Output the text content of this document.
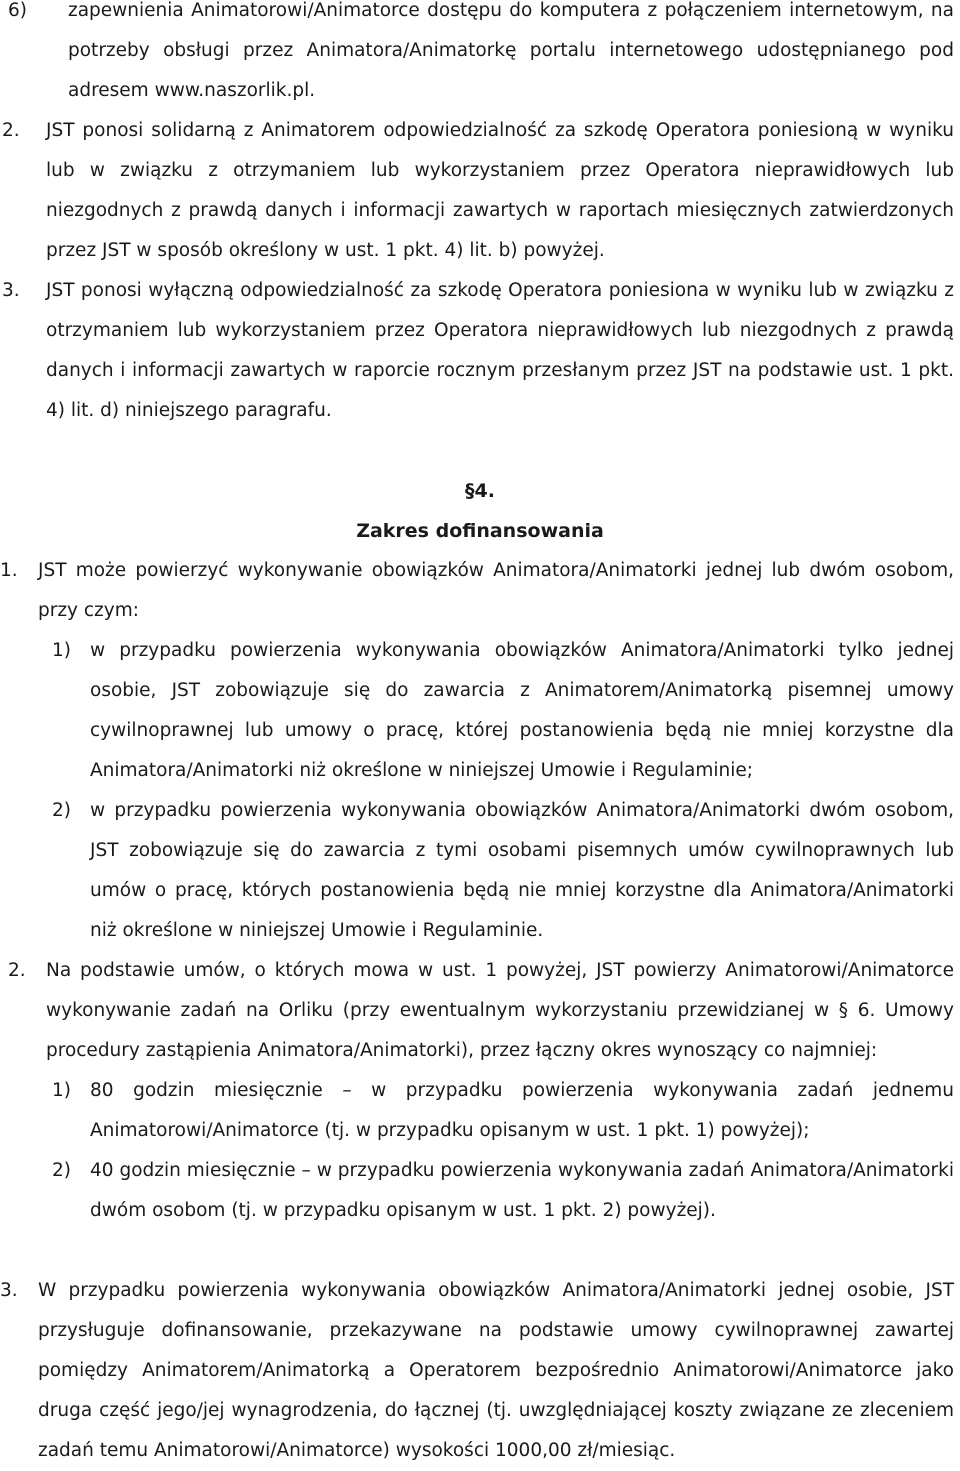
6) zapewnienia Animatorowi/Animatorce dostępu do komputera z połączeniem internetowym, na potrzeby obsługi przez Animatora/Animatorkę portalu internetowego udostępnianego pod adresem www.naszorlik.pl.

2. JST ponosi solidarną z Animatorem odpowiedzialność za szkodę Operatora poniesioną w wyniku lub w związku z otrzymaniem lub wykorzystaniem przez Operatora nieprawidłowych lub niezgodnych z prawdą danych i informacji zawartych w raportach miesięcznych zatwierdzonych przez JST w sposób określony w ust. 1 pkt. 4) lit. b) powyżej.

3. JST ponosi wyłączną odpowiedzialność za szkodę Operatora poniesiona w wyniku lub w związku z otrzymaniem lub wykorzystaniem przez Operatora nieprawidłowych lub niezgodnych z prawdą danych i informacji zawartych w raporcie rocznym przesłanym przez JST na podstawie ust. 1 pkt. 4) lit. d) niniejszego paragrafu.

§4.
Zakres dofinansowania
1. JST może powierzyć wykonywanie obowiązków Animatora/Animatorki jednej lub dwóm osobom, przy czym:

1) w przypadku powierzenia wykonywania obowiązków Animatora/Animatorki tylko jednej osobie, JST zobowiązuje się do zawarcia z Animatorem/Animatorką pisemnej umowy cywilnoprawnej lub umowy o pracę, której postanowienia będą nie mniej korzystne dla Animatora/Animatorki niż określone w niniejszej Umowie i Regulaminie;

2) w przypadku powierzenia wykonywania obowiązków Animatora/Animatorki dwóm osobom, JST zobowiązuje się do zawarcia z tymi osobami pisemnych umów cywilnoprawnych lub umów o pracę, których postanowienia będą nie mniej korzystne dla Animatora/Animatorki niż określone w niniejszej Umowie i Regulaminie.

2. Na podstawie umów, o których mowa w ust. 1 powyżej, JST powierzy Animatorowi/Animatorce wykonywanie zadań na Orliku (przy ewentualnym wykorzystaniu przewidzianej w § 6. Umowy procedury zastąpienia Animatora/Animatorki), przez łączny okres wynoszący co najmniej:

1) 80 godzin miesięcznie – w przypadku powierzenia wykonywania zadań jednemu Animatorowi/Animatorce (tj. w przypadku opisanym w ust. 1 pkt. 1) powyżej);

2) 40 godzin miesięcznie – w przypadku powierzenia wykonywania zadań Animatora/Animatorki dwóm osobom (tj. w przypadku opisanym w ust. 1 pkt. 2) powyżej).

3. W przypadku powierzenia wykonywania obowiązków Animatora/Animatorki jednej osobie, JST przysługuje dofinansowanie, przekazywane na podstawie umowy cywilnoprawnej zawartej pomiędzy Animatorem/Animatorką a Operatorem bezpośrednio Animatorowi/Animatorce jako druga część jego/jej wynagrodzenia, do łącznej (tj. uwzględniającej koszty związane ze zleceniem zadań temu Animatorowi/Animatorce) wysokości 1000,00 zł/miesiąc.
